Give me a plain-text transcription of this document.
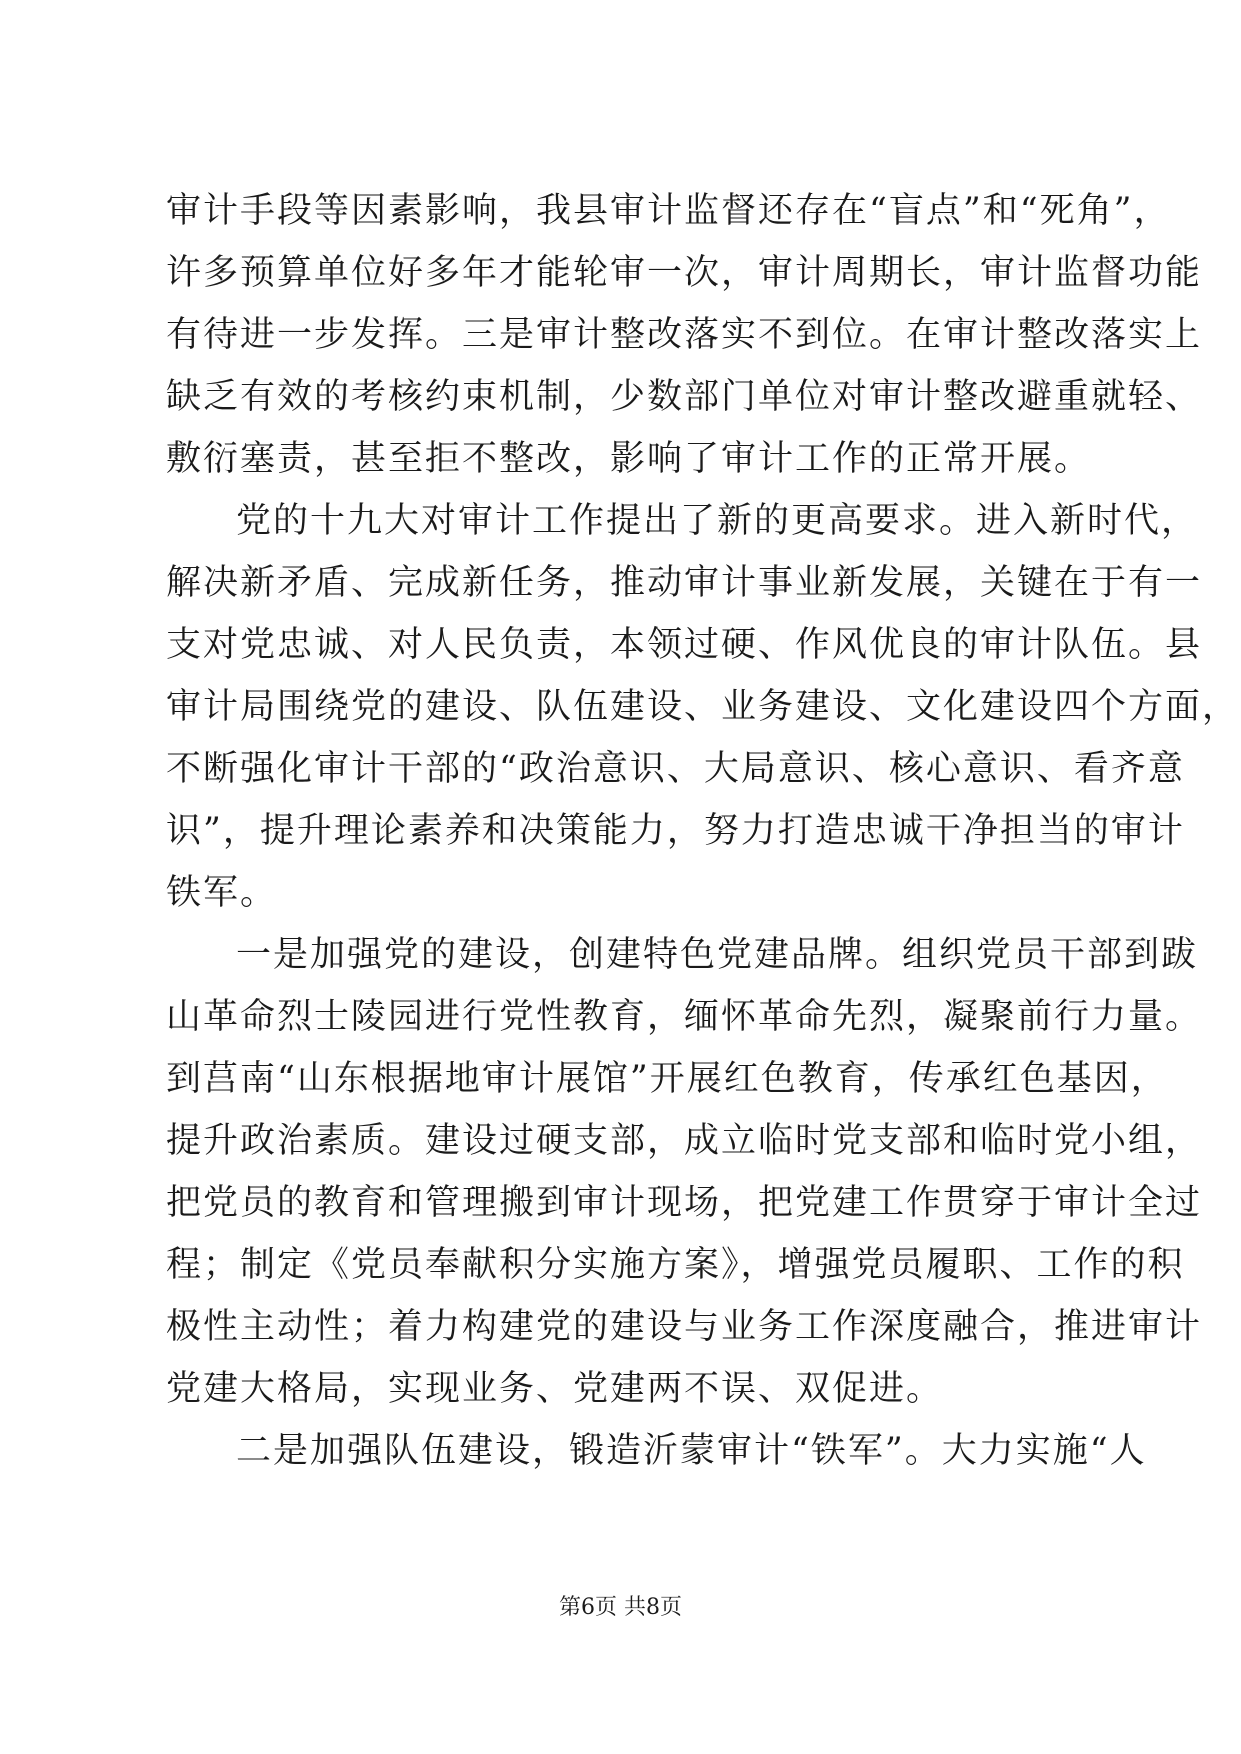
审计手段等因素影响，我县审计监督还存在“盲点”和“死角”，
许多预算单位好多年才能轮审一次，审计周期长，审计监督功能
有待进一步发挥。三是审计整改落实不到位。在审计整改落实上
缺乏有效的考核约束机制，少数部门单位对审计整改避重就轻、
敷衍塞责，甚至拒不整改，影响了审计工作的正常开展。
党的十九大对审计工作提出了新的更高要求。进入新时代，
解决新矛盾、完成新任务，推动审计事业新发展，关键在于有一
支对党忠诚、对人民负责，本领过硬、作风优良的审计队伍。县
审计局围绕党的建设、队伍建设、业务建设、文化建设四个方面，
不断强化审计干部的“政治意识、大局意识、核心意识、看齐意
识”，提升理论素养和决策能力，努力打造忠诚干净担当的审计
铁军。
一是加强党的建设，创建特色党建品牌。组织党员干部到跋
山革命烈士陵园进行党性教育，缅怀革命先烈，凝聚前行力量。
到莒南“山东根据地审计展馆”开展红色教育，传承红色基因，
提升政治素质。建设过硬支部，成立临时党支部和临时党小组，
把党员的教育和管理搬到审计现场，把党建工作贯穿于审计全过
程；制定《党员奉献积分实施方案》，增强党员履职、工作的积
极性主动性；着力构建党的建设与业务工作深度融合，推进审计
党建大格局，实现业务、党建两不误、双促进。
二是加强队伍建设，锻造沂蒙审计“铁军”。大力实施“人
第6页 共8页
